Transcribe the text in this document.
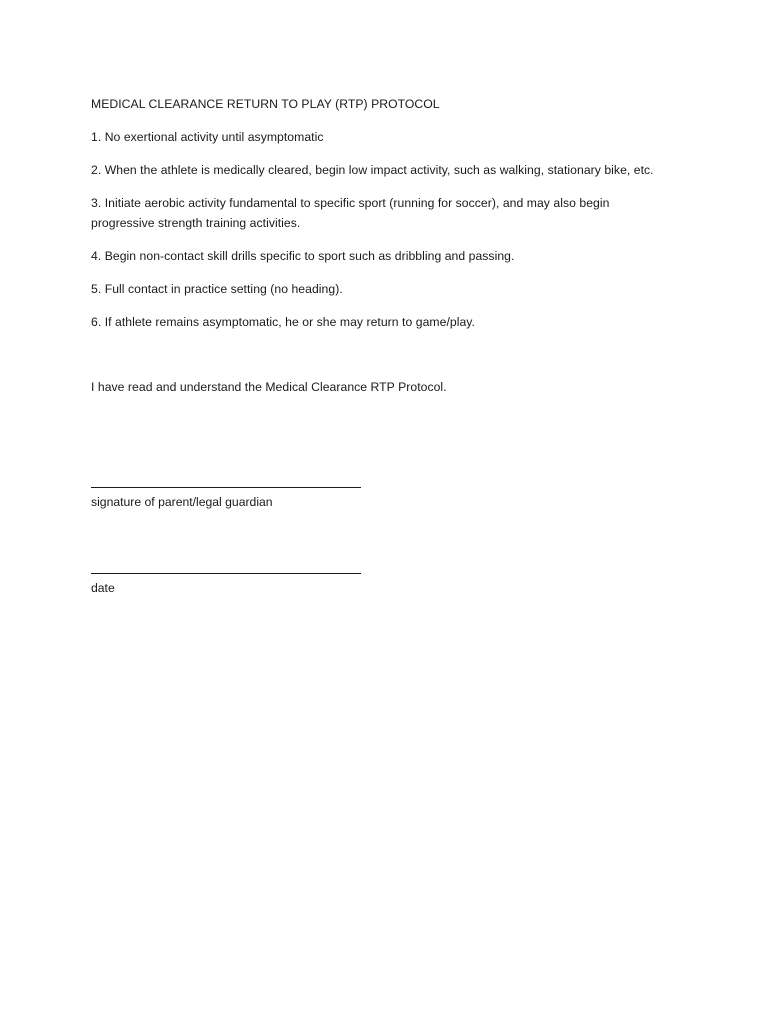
MEDICAL CLEARANCE RETURN TO PLAY (RTP) PROTOCOL
1. No exertional activity until asymptomatic
2. When the athlete is medically cleared, begin low impact activity, such as walking, stationary bike, etc.
3. Initiate aerobic activity fundamental to specific sport (running for soccer), and may also begin progressive strength training activities.
4. Begin non-contact skill drills specific to sport such as dribbling and passing.
5. Full contact in practice setting (no heading).
6. If athlete remains asymptomatic, he or she may return to game/play.
I have read and understand the Medical Clearance RTP Protocol.
signature of parent/legal guardian
date
